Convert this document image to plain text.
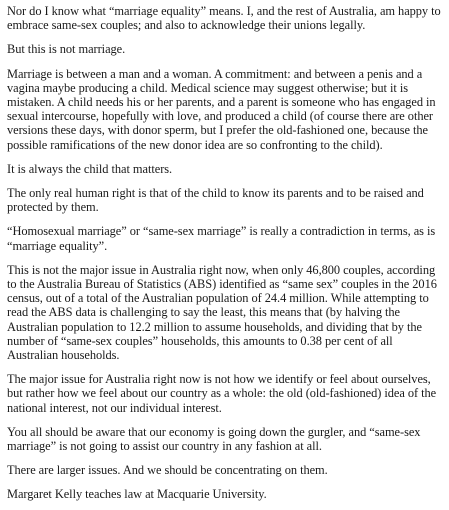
Nor do I know what “marriage equality” means. I, and the rest of Australia, am happy to embrace same-sex couples; and also to acknowledge their unions legally.

But this is not marriage.

Marriage is between a man and a woman. A commitment: and between a penis and a vagina maybe producing a child. Medical science may suggest otherwise; but it is mistaken. A child needs his or her parents, and a parent is someone who has engaged in sexual intercourse, hopefully with love, and produced a child (of course there are other versions these days, with donor sperm, but I prefer the old-fashioned one, because the possible ramifications of the new donor idea are so confronting to the child).

It is always the child that matters.

The only real human right is that of the child to know its parents and to be raised and protected by them.

“Homosexual marriage” or “same-sex marriage” is really a contradiction in terms, as is “marriage equality”.

This is not the major issue in Australia right now, when only 46,800 couples, according to the Australia Bureau of Statistics (ABS) identified as “same sex” couples in the 2016 census, out of a total of the Australian population of 24.4 million. While attempting to read the ABS data is challenging to say the least, this means that (by halving the Australian population to 12.2 million to assume households, and dividing that by the number of “same-sex couples” households, this amounts to 0.38 per cent of all Australian households.

The major issue for Australia right now is not how we identify or feel about ourselves, but rather how we feel about our country as a whole: the old (old-fashioned) idea of the national interest, not our individual interest.

You all should be aware that our economy is going down the gurgler, and “same-sex marriage” is not going to assist our country in any fashion at all.

There are larger issues. And we should be concentrating on them.

Margaret Kelly teaches law at Macquarie University.
